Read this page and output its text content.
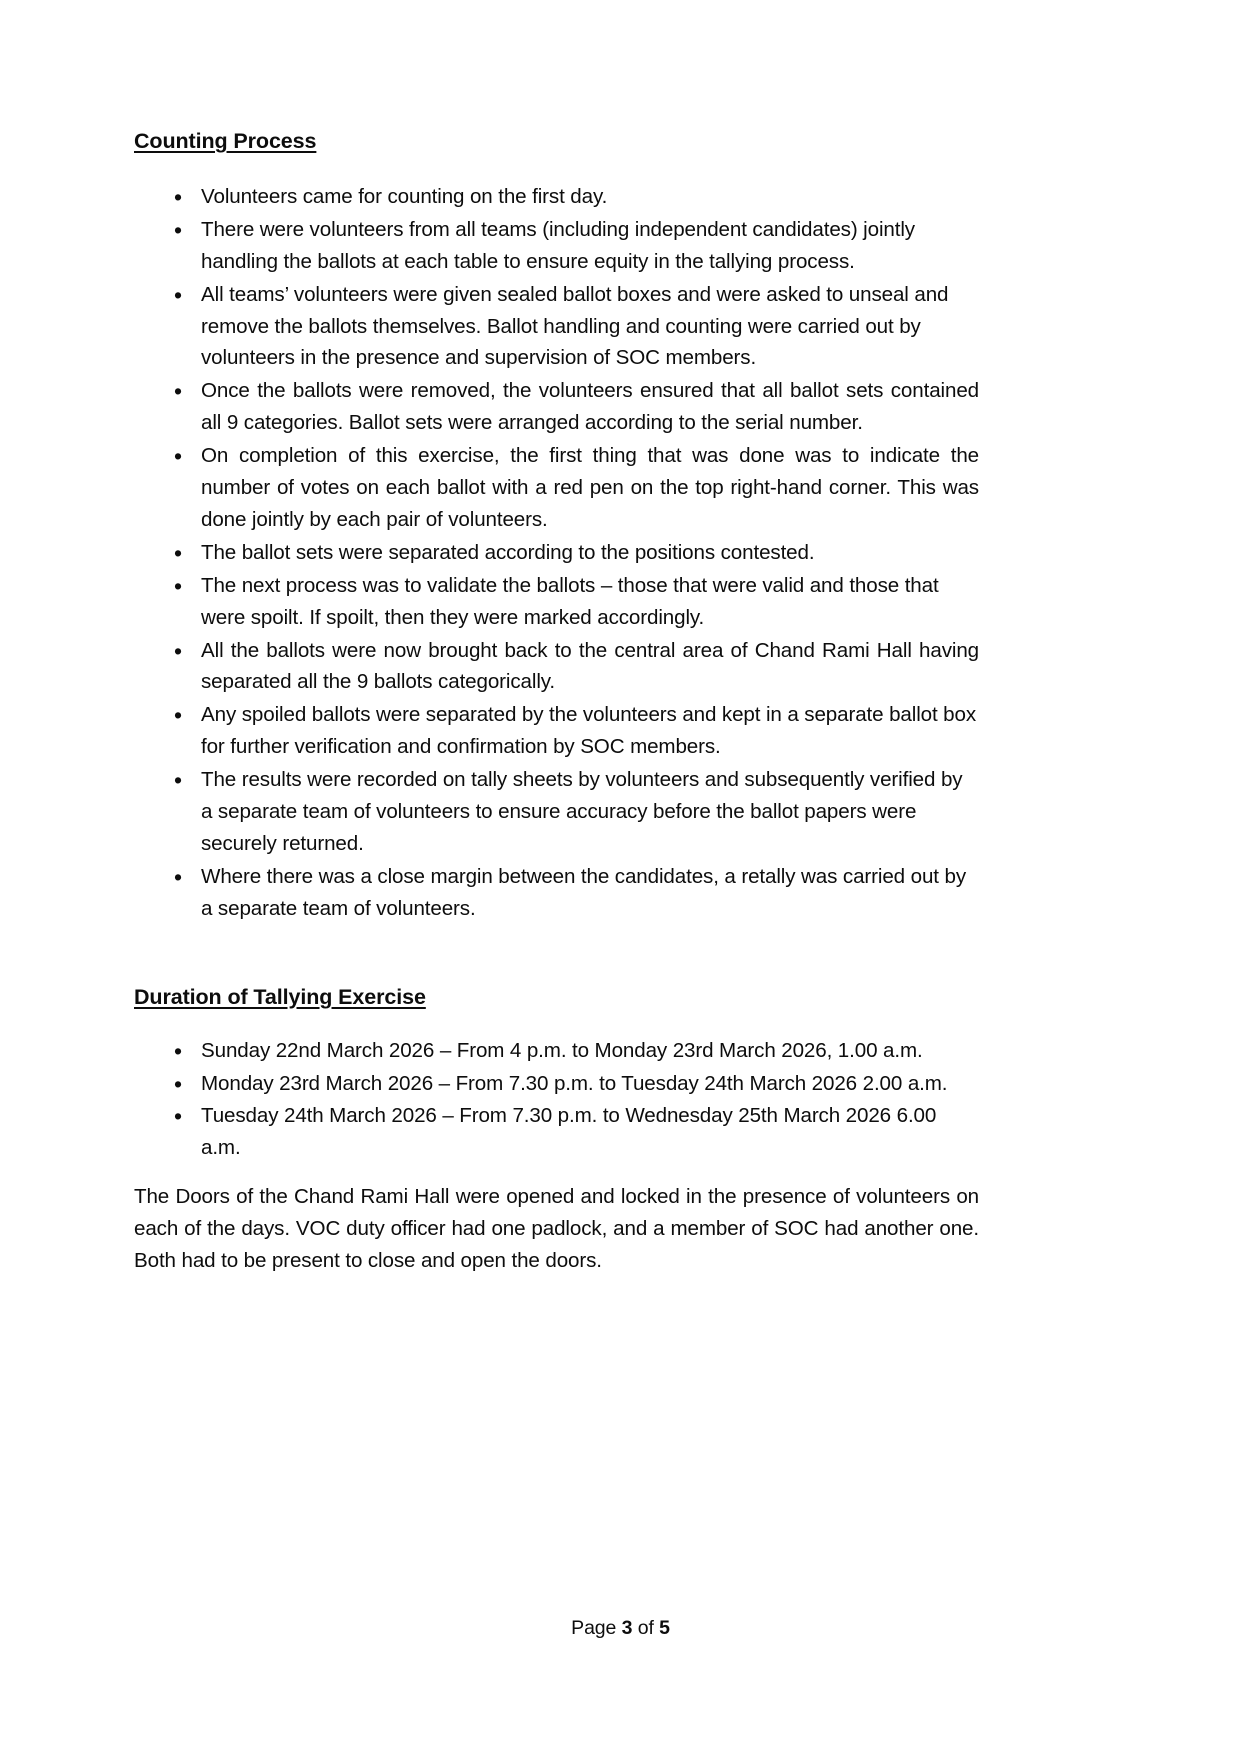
Counting Process
• Volunteers came for counting on the first day.
• There were volunteers from all teams (including independent candidates) jointly handling the ballots at each table to ensure equity in the tallying process.
• All teams’ volunteers were given sealed ballot boxes and were asked to unseal and remove the ballots themselves. Ballot handling and counting were carried out by volunteers in the presence and supervision of SOC members.
• Once the ballots were removed, the volunteers ensured that all ballot sets contained all 9 categories. Ballot sets were arranged according to the serial number.
• On completion of this exercise, the first thing that was done was to indicate the number of votes on each ballot with a red pen on the top right-hand corner. This was done jointly by each pair of volunteers.
• The ballot sets were separated according to the positions contested.
• The next process was to validate the ballots – those that were valid and those that were spoilt. If spoilt, then they were marked accordingly.
• All the ballots were now brought back to the central area of Chand Rami Hall having separated all the 9 ballots categorically.
• Any spoiled ballots were separated by the volunteers and kept in a separate ballot box for further verification and confirmation by SOC members.
• The results were recorded on tally sheets by volunteers and subsequently verified by a separate team of volunteers to ensure accuracy before the ballot papers were securely returned.
• Where there was a close margin between the candidates, a retally was carried out by a separate team of volunteers.
Duration of Tallying Exercise
• Sunday 22nd March 2026 – From 4 p.m. to Monday 23rd March 2026, 1.00 a.m.
• Monday 23rd March 2026 – From 7.30 p.m. to Tuesday 24th March 2026 2.00 a.m.
• Tuesday 24th March 2026 – From 7.30 p.m. to Wednesday 25th March 2026 6.00 a.m.

The Doors of the Chand Rami Hall were opened and locked in the presence of volunteers on each of the days. VOC duty officer had one padlock, and a member of SOC had another one. Both had to be present to close and open the doors.

Page 3 of 5
